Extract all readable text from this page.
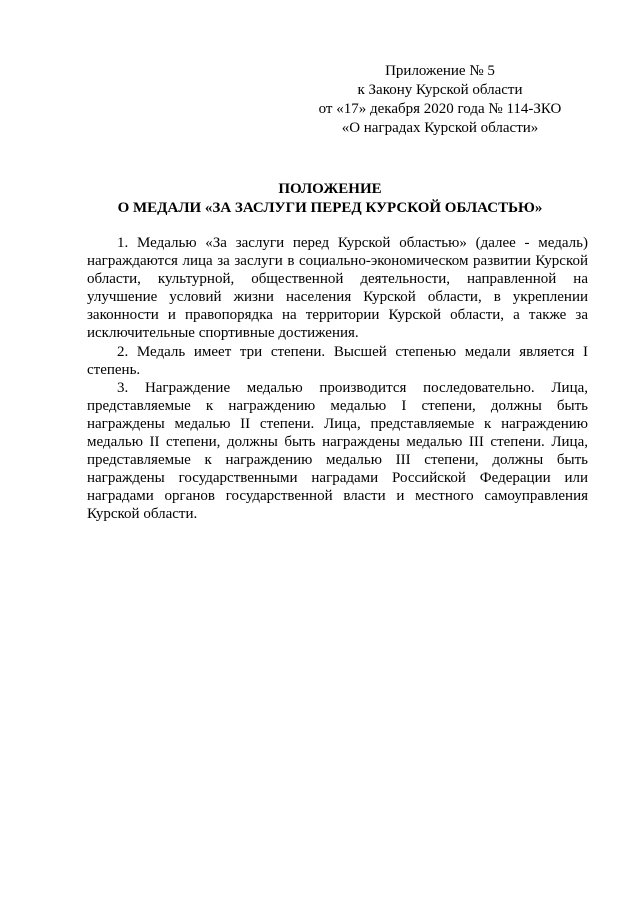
Приложение № 5
к Закону Курской области
от «17» декабря 2020 года № 114-ЗКО
«О наградах Курской области»
ПОЛОЖЕНИЕ
О МЕДАЛИ «ЗА ЗАСЛУГИ ПЕРЕД КУРСКОЙ ОБЛАСТЬЮ»

1. Медалью «За заслуги перед Курской областью» (далее - медаль) награждаются лица за заслуги в социально-экономическом развитии Курской области, культурной, общественной деятельности, направленной на улучшение условий жизни населения Курской области, в укреплении законности и правопорядка на территории Курской области, а также за исключительные спортивные достижения.

2. Медаль имеет три степени. Высшей степенью медали является I степень.

3. Награждение медалью производится последовательно. Лица, представляемые к награждению медалью I степени, должны быть награждены медалью II степени. Лица, представляемые к награждению медалью II степени, должны быть награждены медалью III степени. Лица, представляемые к награждению медалью III степени, должны быть награждены государственными наградами Российской Федерации или наградами органов государственной власти и местного самоуправления Курской области.
